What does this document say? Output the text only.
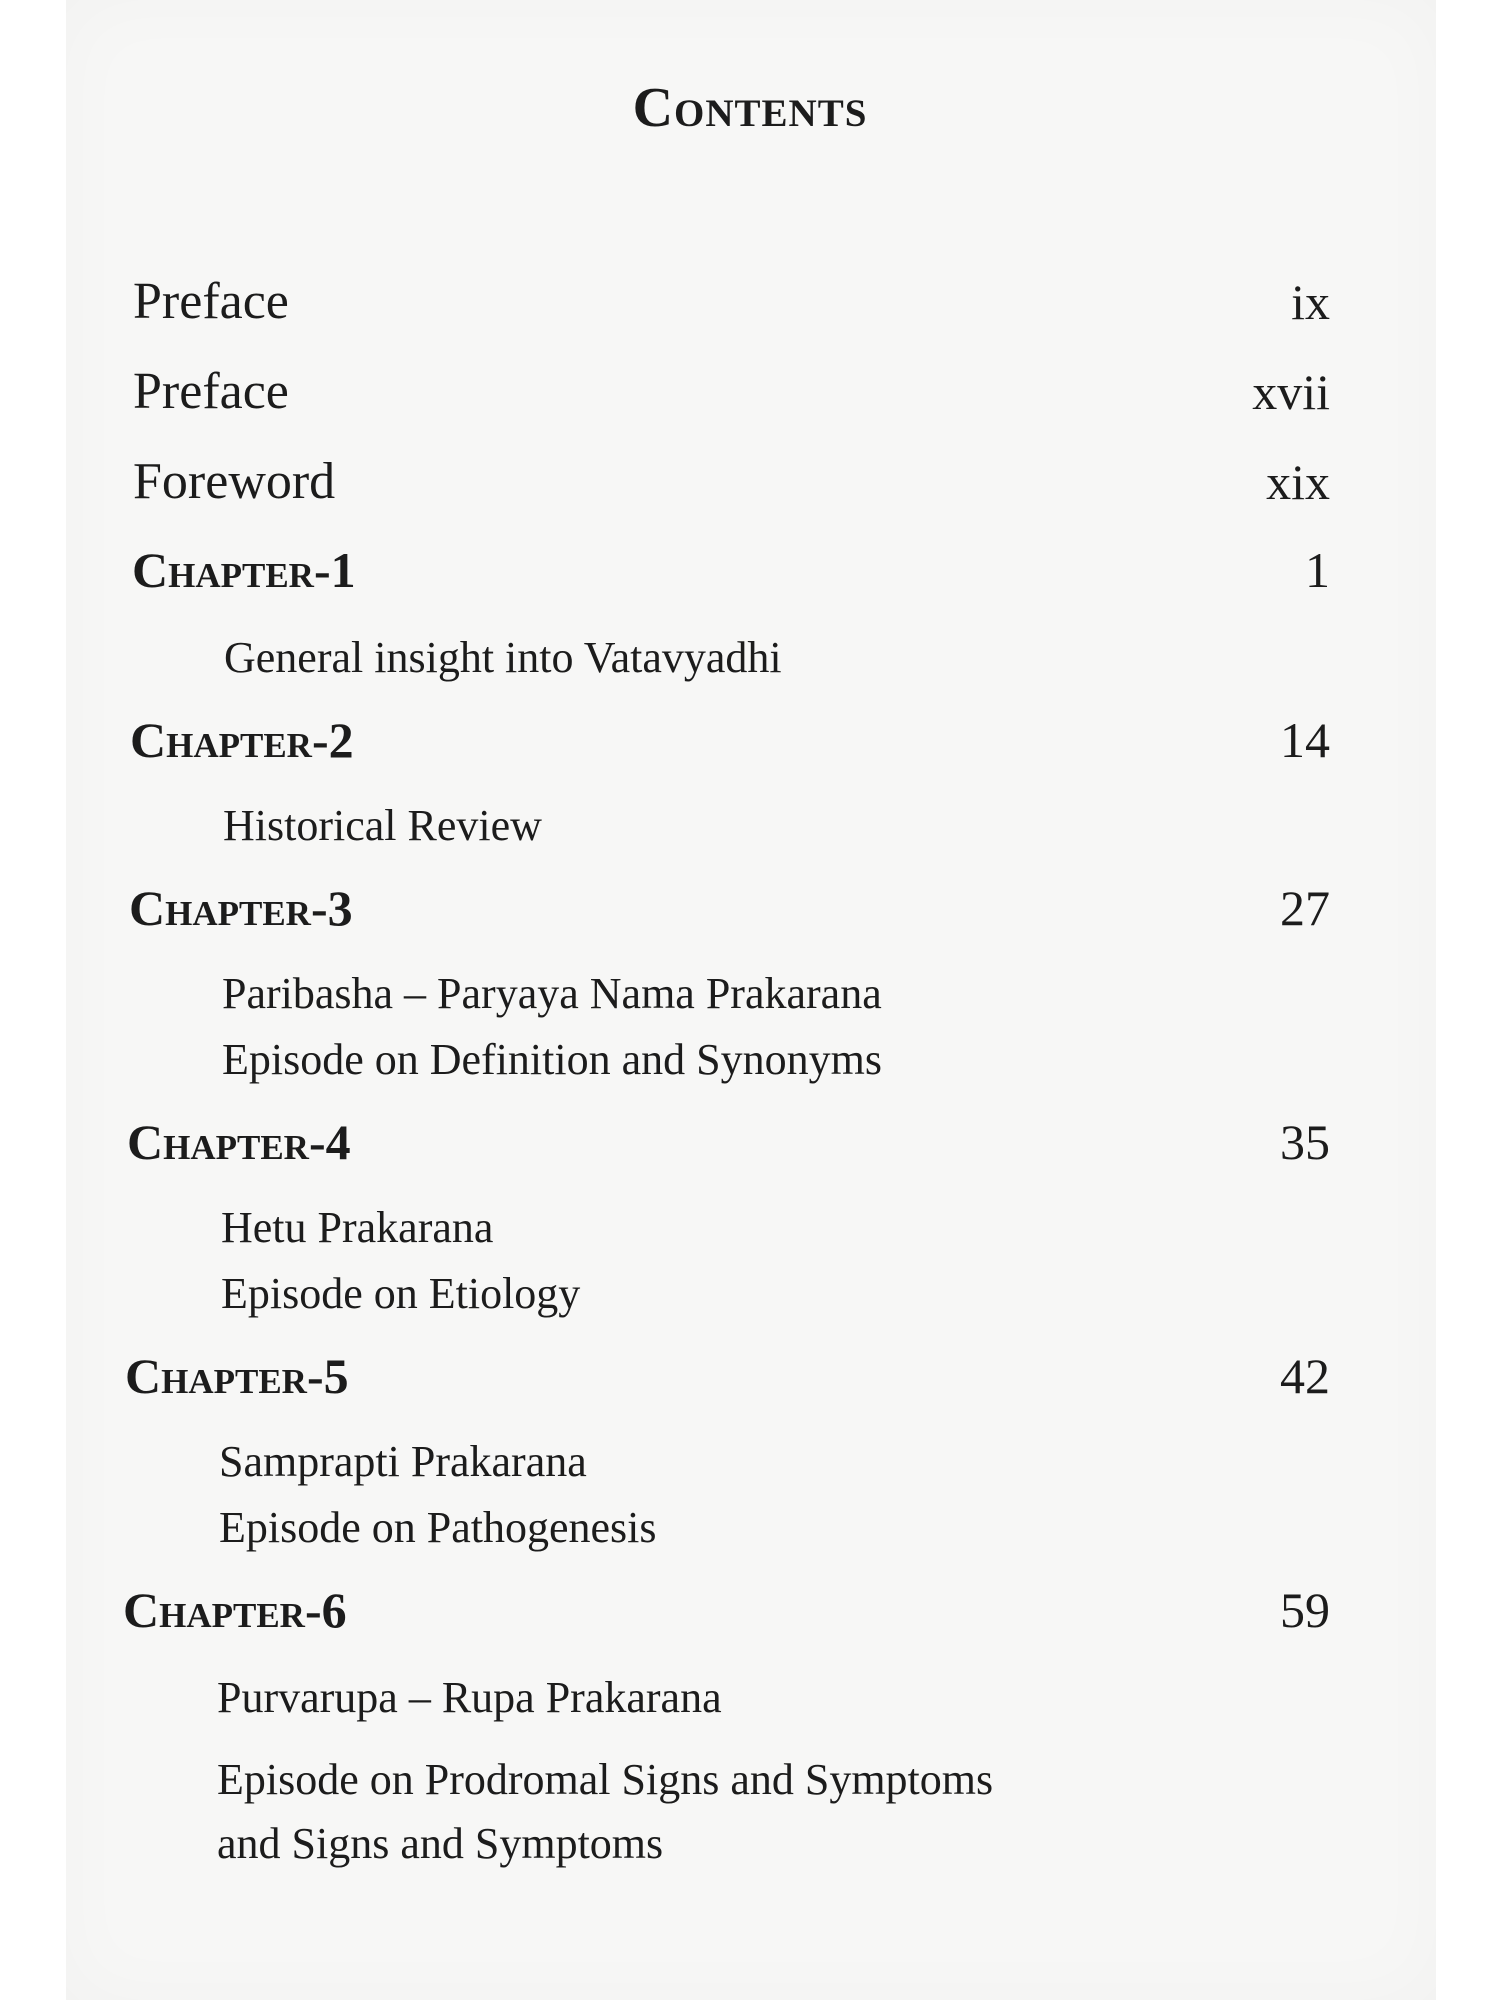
Contents
Preface	ix
Preface	xvii
Foreword	xix
Chapter-1	1
General insight into Vatavyadhi
Chapter-2	14
Historical Review
Chapter-3	27
Paribasha – Paryaya Nama Prakarana
Episode on Definition and Synonyms
Chapter-4	35
Hetu Prakarana
Episode on Etiology
Chapter-5	42
Samprapti Prakarana
Episode on Pathogenesis
Chapter-6	59
Purvarupa – Rupa Prakarana
Episode on Prodromal Signs and Symptoms
and Signs and Symptoms
